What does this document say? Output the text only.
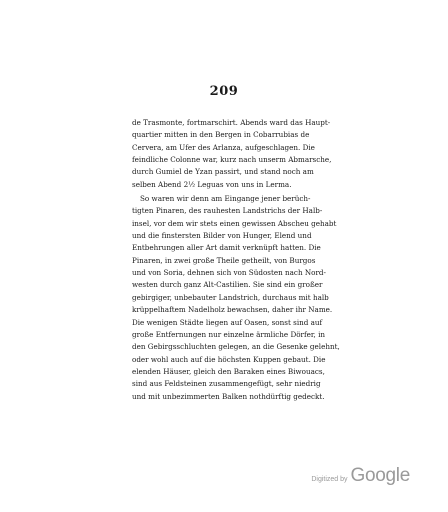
209
de Trasmonte, fortmarschirt. Abends ward das Haupt-
quartier mitten in den Bergen in Cobarrubias de
Cervera, am Ufer des Arlanza, aufgeschlagen. Die
feindliche Colonne war, kurz nach unserm Abmarsche,
durch Gumiel de Yzan passirt, und stand noch am
selben Abend 2½ Leguas von uns in Lerma.
So waren wir denn am Eingange jener berüch-
tigten Pinaren, des rauhesten Landstrichs der Halb-
insel, vor dem wir stets einen gewissen Abscheu gehabt
und die finstersten Bilder von Hunger, Elend und
Entbehrungen aller Art damit verknüpft hatten. Die
Pinaren, in zwei große Theile getheilt, von Burgos
und von Soria, dehnen sich von Südosten nach Nord-
westen durch ganz Alt-Castilien. Sie sind ein großer
gebirgiger, unbebauter Landstrich, durchaus mit halb
krüppelhaftem Nadelholz bewachsen, daher ihr Name.
Die wenigen Städte liegen auf Oasen, sonst sind auf
große Entfernungen nur einzelne ärmliche Dörfer, in
den Gebirgsschluchten gelegen, an die Gesenke gelehnt,
oder wohl auch auf die höchsten Kuppen gebaut. Die
elenden Häuser, gleich den Baraken eines Biwouacs,
sind aus Feldsteinen zusammengefügt, sehr niedrig
und mit unbezimmerten Balken nothdürftig gedeckt.
Digitized by Google
